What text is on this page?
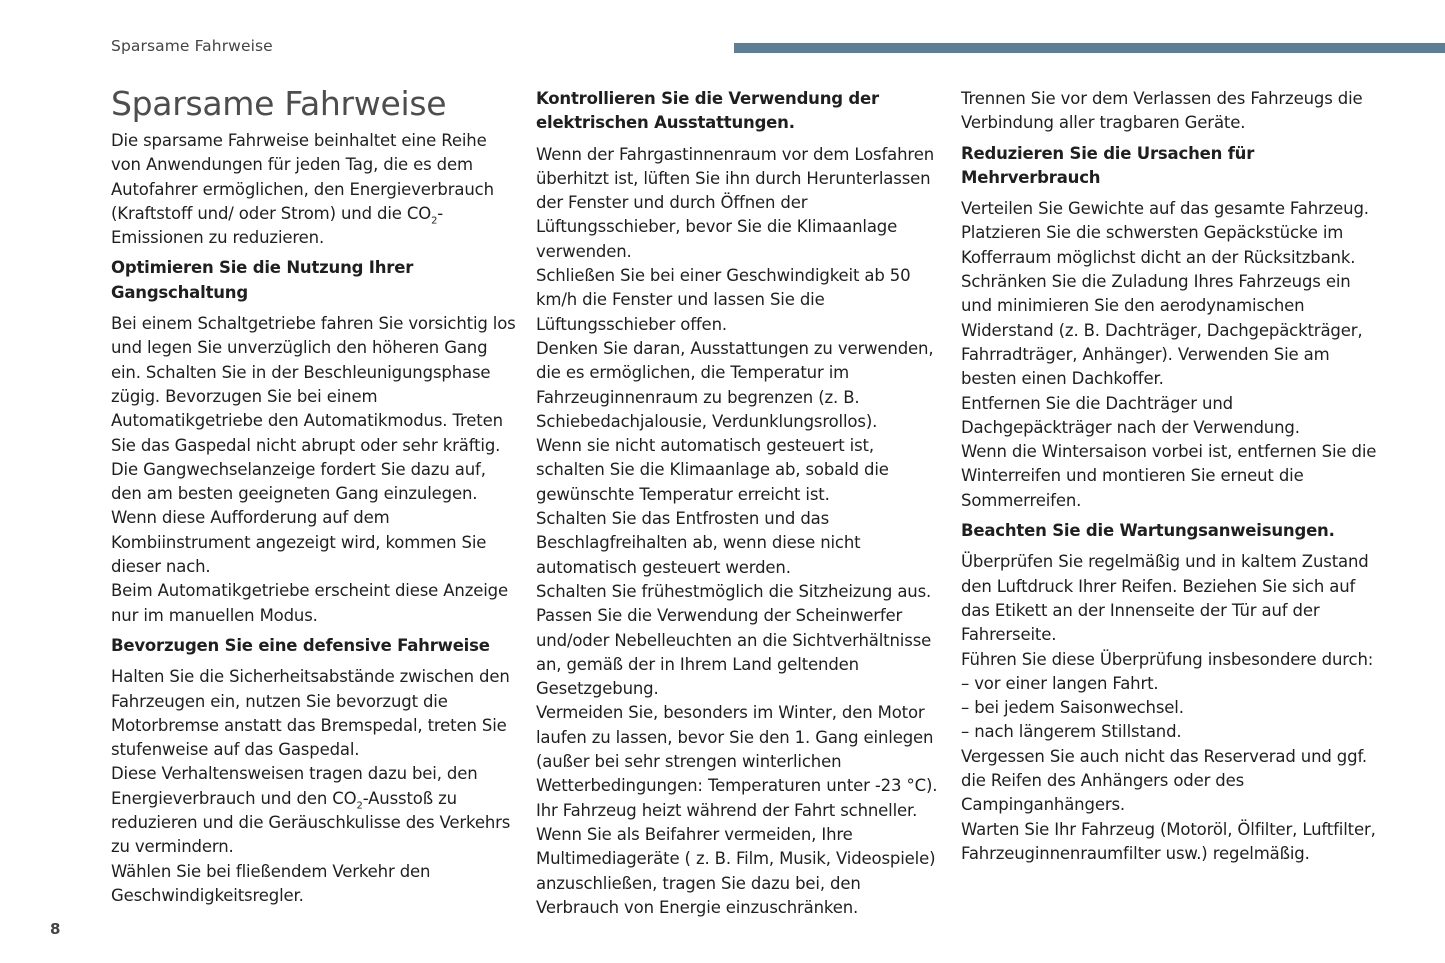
Sparsame Fahrweise
Sparsame Fahrweise

Die sparsame Fahrweise beinhaltet eine Reihe von Anwendungen für jeden Tag, die es dem Autofahrer ermöglichen, den Energieverbrauch (Kraftstoff und/ oder Strom) und die $CO_2$-Emissionen zu reduzieren.

Optimieren Sie die Nutzung Ihrer Gangschaltung

Bei einem Schaltgetriebe fahren Sie vorsichtig los und legen Sie unverzüglich den höheren Gang ein. Schalten Sie in der Beschleunigungsphase zügig. Bevorzugen Sie bei einem Automatikgetriebe den Automatikmodus. Treten Sie das Gaspedal nicht abrupt oder sehr kräftig.

Die Gangwechselanzeige fordert Sie dazu auf, den am besten geeigneten Gang einzulegen. Wenn diese Aufforderung auf dem Kombiinstrument angezeigt wird, kommen Sie dieser nach.

Beim Automatikgetriebe erscheint diese Anzeige nur im manuellen Modus.

Bevorzugen Sie eine defensive Fahrweise

Halten Sie die Sicherheitsabstände zwischen den Fahrzeugen ein, nutzen Sie bevorzugt die Motorbremse anstatt das Bremspedal, treten Sie stufenweise auf das Gaspedal.

Diese Verhaltensweisen tragen dazu bei, den Energieverbrauch und den $CO_2$-Ausstoß zu reduzieren und die Geräuschkulisse des Verkehrs zu vermindern.

Wählen Sie bei fließendem Verkehr den Geschwindigkeitsregler.

Kontrollieren Sie die Verwendung der elektrischen Ausstattungen.

Wenn der Fahrgastinnenraum vor dem Losfahren überhitzt ist, lüften Sie ihn durch Herunterlassen der Fenster und durch Öffnen der Lüftungsschieber, bevor Sie die Klimaanlage verwenden.

Schließen Sie bei einer Geschwindigkeit ab 50 km/h die Fenster und lassen Sie die Lüftungsschieber offen.

Denken Sie daran, Ausstattungen zu verwenden, die es ermöglichen, die Temperatur im Fahrzeuginnenraum zu begrenzen (z. B. Schiebedachjalousie, Verdunklungsrollos).

Wenn sie nicht automatisch gesteuert ist, schalten Sie die Klimaanlage ab, sobald die gewünschte Temperatur erreicht ist.

Schalten Sie das Entfrosten und das Beschlagfreihalten ab, wenn diese nicht automatisch gesteuert werden.

Schalten Sie frühestmöglich die Sitzheizung aus.

Passen Sie die Verwendung der Scheinwerfer und/oder Nebelleuchten an die Sichtverhältnisse an, gemäß der in Ihrem Land geltenden Gesetzgebung.

Vermeiden Sie, besonders im Winter, den Motor laufen zu lassen, bevor Sie den 1. Gang einlegen (außer bei sehr strengen winterlichen Wetterbedingungen: Temperaturen unter -23 °C).

Ihr Fahrzeug heizt während der Fahrt schneller.

Wenn Sie als Beifahrer vermeiden, Ihre Multimediageräte ( z. B. Film, Musik, Videospiele) anzuschließen, tragen Sie dazu bei, den Verbrauch von Energie einzuschränken.

Trennen Sie vor dem Verlassen des Fahrzeugs die Verbindung aller tragbaren Geräte.

Reduzieren Sie die Ursachen für Mehrverbrauch

Verteilen Sie Gewichte auf das gesamte Fahrzeug. Platzieren Sie die schwersten Gepäckstücke im Kofferraum möglichst dicht an der Rücksitzbank.

Schränken Sie die Zuladung Ihres Fahrzeugs ein und minimieren Sie den aerodynamischen Widerstand (z. B. Dachträger, Dachgepäckträger, Fahrradträger, Anhänger). Verwenden Sie am besten einen Dachkoffer.

Entfernen Sie die Dachträger und Dachgepäckträger nach der Verwendung.

Wenn die Wintersaison vorbei ist, entfernen Sie die Winterreifen und montieren Sie erneut die Sommerreifen.

Beachten Sie die Wartungsanweisungen.

Überprüfen Sie regelmäßig und in kaltem Zustand den Luftdruck Ihrer Reifen. Beziehen Sie sich auf das Etikett an der Innenseite der Tür auf der Fahrerseite.

Führen Sie diese Überprüfung insbesondere durch:

– vor einer langen Fahrt.
– bei jedem Saisonwechsel.
– nach längerem Stillstand.

Vergessen Sie auch nicht das Reserverad und ggf. die Reifen des Anhängers oder des Campinganhängers.

Warten Sie Ihr Fahrzeug (Motoröl, Ölfilter, Luftfilter, Fahrzeuginnenraumfilter usw.) regelmäßig.

8
